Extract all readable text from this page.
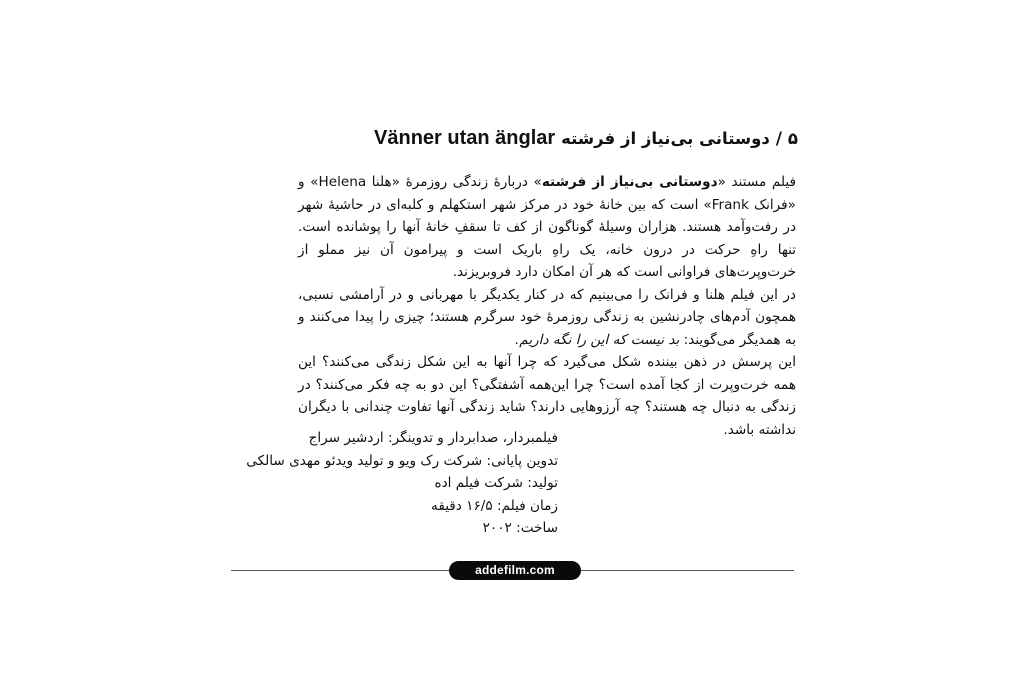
۵/دوستانی بی‌نیاز از فرشتهVänner utan änglar

فیلم مستند «دوستانی بی‌نیاز از فرشته» دربارهٔ زندگی روزمرهٔ «هلنا Helena» و «فرانک Frank» است که بین خانهٔ خود در مرکز شهر استکهلم و کلبه‌ای در حاشیهٔ شهر در رفت‌وآمد هستند. هزاران وسیلهٔ گوناگون از کف تا سقفِ خانهٔ آنها را پوشانده است. تنها راهِ حرکت در درون خانه، یک راهِ باریک است و پیرامون آن نیز مملو از خرت‌وپرت‌های فراوانی است که هر آن امکان دارد فروبریزند.

در این فیلم هلنا و فرانک را می‌بینیم که در کنار یکدیگر با مهربانی و در آرامشی نسبی، همچون آدم‌های چادرنشین به زندگی روزمرهٔ خود سرگرم هستند؛ چیزی را پیدا می‌کنند و به همدیگر می‌گویند: بد نیست که این را نگه داریم.

این پرسش در ذهن بیننده شکل می‌گیرد که چرا آنها به این شکل زندگی می‌کنند؟ این همه خرت‌وپرت از کجا آمده است؟ چرا این‌همه آشفتگی؟ این دو به چه فکر می‌کنند؟ در زندگی به دنبال چه هستند؟ چه آرزوهایی دارند؟ شاید زندگی آنها تفاوت چندانی با دیگران نداشته باشد.

فیلمبردار، صدابردار و تدوینگر: اردشیر سراج
تدوین پایانی: شرکت رک ویو و تولید ویدئو مهدی سالکی
تولید: شرکت فیلم اده
زمان فیلم: ۱۶/۵ دقیقه
ساخت: ۲۰۰۲
addefilm.com
